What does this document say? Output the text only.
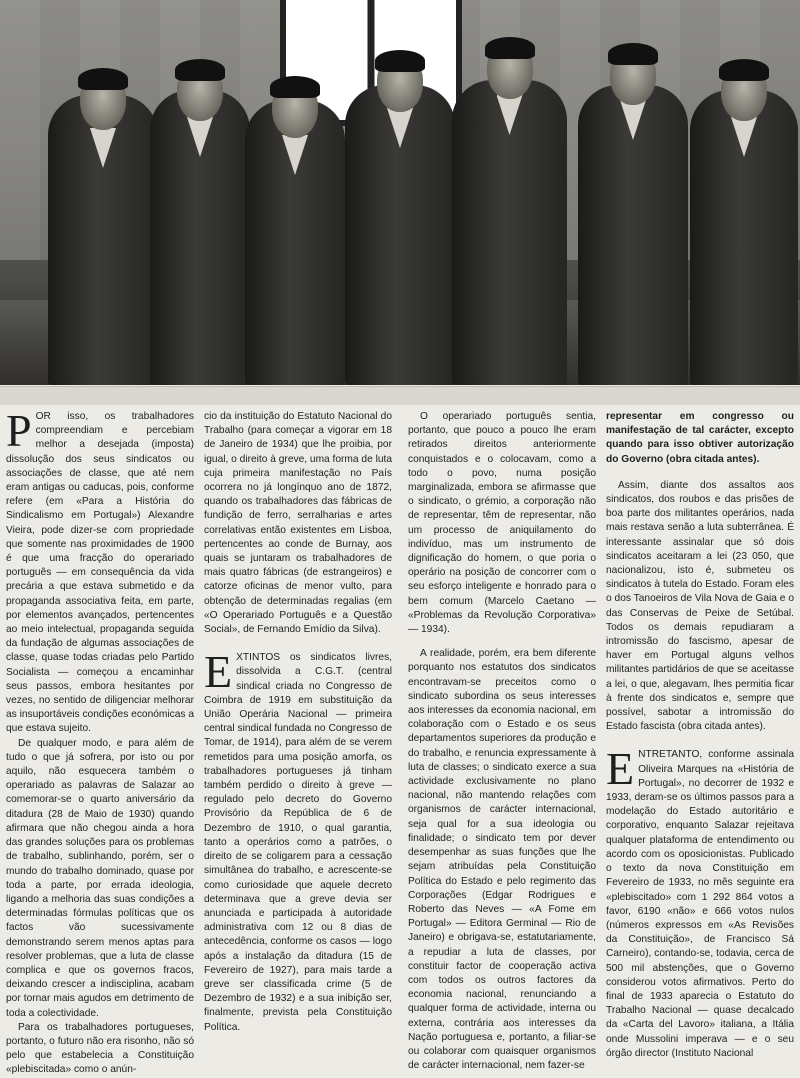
P OR isso, os trabalhadores compreendiam e percebiam melhor a desejada (imposta) dissolução dos seus sindicatos ou associações de classe, que até nem eram antigas ou caducas, pois, conforme refere (em «Para a História do Sindicalismo em Portugal») Alexandre Vieira, pode dizer-se com propriedade que somente nas proximidades de 1900 é que uma fracção do operariado português — em consequência da vida precária a que estava submetido e da propaganda associativa feita, em parte, por elementos avançados, pertencentes ao meio intelectual, propaganda seguida da fundação de algumas associações de classe, quase todas criadas pelo Partido Socialista — começou a encaminhar seus passos, embora hesitantes por vezes, no sentido de diligenciar melhorar as insuportáveis condições económicas a que estava sujeito.

De qualquer modo, e para além de tudo o que já sofrera, por isto ou por aquilo, não esquecera também o operariado as palavras de Salazar ao comemorar-se o quarto aniversário da ditadura (28 de Maio de 1930) quando afirmara que não chegou ainda a hora das grandes soluções para os problemas de trabalho, sublinhando, porém, ser o mundo do trabalho dominado, quase por toda a parte, por errada ideologia, ligando a melhoria das suas condições a determinadas fórmulas políticas que os factos vão sucessivamente demonstrando serem menos aptas para resolver problemas, que a luta de classe complica e que os governos fracos, deixando crescer a indisciplina, acabam por tornar mais agudos em detrimento de toda a colectividade.

Para os trabalhadores portugueses, portanto, o futuro não era risonho, não só pelo que estabelecia a Constituição «plebiscitada» como o anún-

cio da instituição do Estatuto Nacional do Trabalho (para começar a vigorar em 18 de Janeiro de 1934) que lhe proibia, por igual, o direito à greve, uma forma de luta cuja primeira manifestação no País ocorrera no já longínquo ano de 1872, quando os trabalhadores das fábricas de fundição de ferro, serralharias e artes correlativas então existentes em Lisboa, pertencentes ao conde de Burnay, aos quais se juntaram os trabalhadores de mais quatro fábricas (de estrangeiros) e catorze oficinas de menor vulto, para obtenção de determinadas regalias (em «O Operariado Português e a Questão Social», de Fernando Emídio da Silva).

E XTINTOS os sindicatos livres, dissolvida a C.G.T. (central sindical criada no Congresso de Coimbra de 1919 em substituição da União Operária Nacional — primeira central sindical fundada no Congresso de Tomar, de 1914), para além de se verem remetidos para uma posição amorfa, os trabalhadores portugueses já tinham também perdido o direito à greve — regulado pelo decreto do Governo Provisório da República de 6 de Dezembro de 1910, o qual garantia, tanto a operários como a patrões, o direito de se coligarem para a cessação simultânea do trabalho, e acrescente-se como curiosidade que aquele decreto determinava que a greve devia ser anunciada e participada à autoridade administrativa com 12 ou 8 dias de antecedência, conforme os casos — logo após a instalação da ditadura (15 de Fevereiro de 1927), para mais tarde a greve ser classificada crime (5 de Dezembro de 1932) e a sua inibição ser, finalmente, prevista pela Constituição Política.

O operariado português sentia, portanto, que pouco a pouco lhe eram retirados direitos anteriormente conquistados e o colocavam, como a todo o povo, numa posição marginalizada, embora se afirmasse que o sindicato, o grémio, a corporação não de representar, têm de representar, não um processo de aniquilamento do indivíduo, mas um instrumento de dignificação do homem, o que poria o operário na posição de concorrer com o seu esforço inteligente e honrado para o bem comum (Marcelo Caetano — «Problemas da Revolução Corporativa» — 1934).

A realidade, porém, era bem diferente porquanto nos estatutos dos sindicatos encontravam-se preceitos como o sindicato subordina os seus interesses aos interesses da economia nacional, em colaboração com o Estado e os seus departamentos superiores da produção e do trabalho, e renuncia expressamente à luta de classes; o sindicato exerce a sua actividade exclusivamente no plano nacional, não mantendo relações com organismos de carácter internacional, seja qual for a sua ideologia ou finalidade; o sindicato tem por dever desempenhar as suas funções que lhe sejam atribuídas pela Constituição Política do Estado e pelo regimento das Corporações (Edgar Rodrigues e Roberto das Neves — «A Fome em Portugal» — Editora Germinal — Rio de Janeiro) e obrigava-se, estatutariamente, a repudiar a luta de classes, por constituir factor de cooperação activa com todos os outros factores da economia nacional, renunciando a qualquer forma de actividade, interna ou externa, contrária aos interesses da Nação portuguesa e, portanto, a filiar-se ou colaborar com quaisquer organismos de carácter internacional, nem fazer-se

representar em congresso ou manifestação de tal carácter, excepto quando para isso obtiver autorização do Governo (obra citada antes).

Assim, diante dos assaltos aos sindicatos, dos roubos e das prisões de boa parte dos militantes operários, nada mais restava senão a luta subterrânea. É interessante assinalar que só dois sindicatos aceitaram a lei (23 050, que nacionalizou, isto é, submeteu os sindicatos à tutela do Estado. Foram eles o dos Tanoeiros de Vila Nova de Gaia e o das Conservas de Peixe de Setúbal. Todos os demais repudiaram a intromissão do fascismo, apesar de haver em Portugal alguns velhos militantes partidários de que se aceitasse a lei, o que, alegavam, lhes permitia ficar à frente dos sindicatos e, sempre que possível, sabotar a intromissão do Estado fascista (obra citada antes).

E NTRETANTO, conforme assinala Oliveira Marques na «História de Portugal», no decorrer de 1932 e 1933, deram-se os últimos passos para a modelação do Estado autoritário e corporativo, enquanto Salazar rejeitava qualquer plataforma de entendimento ou acordo com os oposicionistas. Publicado o texto da nova Constituição em Fevereiro de 1933, no mês seguinte era «plebiscitado» com 1 292 864 votos a favor, 6190 «não» e 666 votos nulos (números expressos em «As Revisões da Constituição», de Francisco Sá Carneiro), contando-se, todavia, cerca de 500 mil abstenções, que o Governo considerou votos afirmativos. Perto do final de 1933 aparecia o Estatuto do Trabalho Nacional — quase decalcado da «Carta del Lavoro» italiana, a Itália onde Mussolini imperava — e o seu órgão director (Instituto Nacional
